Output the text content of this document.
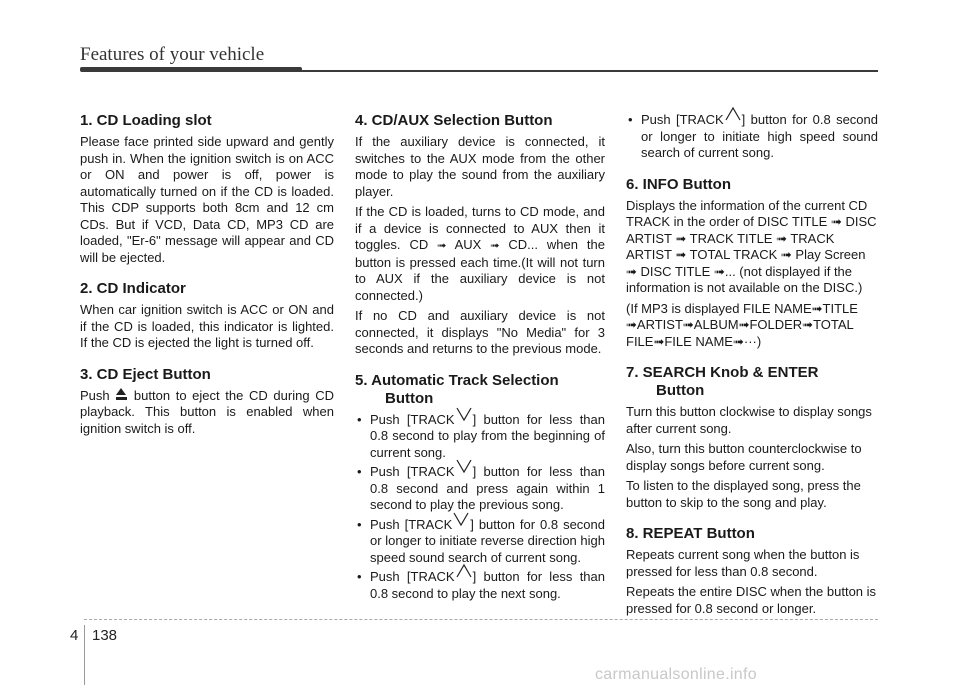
Features of your vehicle
1. CD Loading slot

Please face printed side upward and gently push in. When the ignition switch is on ACC or ON and power is off, power is automatically turned on if the CD is loaded. This CDP supports both 8cm and 12 cm CDs. But if VCD, Data CD, MP3 CD are loaded, "Er-6" message will appear and CD will be ejected.

2. CD Indicator

When car ignition switch is ACC or ON and if the CD is loaded, this indicator is lighted. If the CD is ejected the light is turned off.

3. CD Eject Button

Push button to eject the CD during CD playback. This button is enabled when ignition switch is off.

4. CD/AUX Selection Button

If the auxiliary device is connected, it switches to the AUX mode from the other mode to play the sound from the auxiliary player.

If the CD is loaded, turns to CD mode, and if a device is connected to AUX then it toggles. CD ➟ AUX ➟ CD... when the button is pressed each time.(It will not turn to AUX if the auxiliary device is not connected.)

If no CD and auxiliary device is not connected, it displays "No Media" for 3 seconds and returns to the previous mode.

5. Automatic Track Selection
Button
• Push [TRACK ] button for less than 0.8 second to play from the beginning of current song.
• Push [TRACK ] button for less than 0.8 second and press again within 1 second to play the previous song.
• Push [TRACK ] button for 0.8 second or longer to initiate reverse direction high speed sound search of current song.
• Push [TRACK ] button for less than 0.8 second to play the next song.
• Push [TRACK ] button for 0.8 second or longer to initiate high speed sound search of current song.
6. INFO Button

Displays the information of the current CD TRACK in the order of DISC TITLE ➟ DISC ARTIST ➟ TRACK TITLE ➟ TRACK ARTIST ➟ TOTAL TRACK ➟ Play Screen ➟ DISC TITLE ➟... (not displayed if the information is not available on the DISC.)

(If MP3 is displayed FILE NAME➟TITLE ➟ARTIST➟ALBUM➟FOLDER➟TOTAL FILE➟FILE NAME➟···)

7. SEARCH Knob & ENTER
Button

Turn this button clockwise to display songs after current song.

Also, turn this button counterclockwise to display songs before current song.

To listen to the displayed song, press the button to skip to the song and play.

8. REPEAT Button

Repeats current song when the button is pressed for less than 0.8 second.

Repeats the entire DISC when the button is pressed for 0.8 second or longer.

4 138
carmanualsonline.info
